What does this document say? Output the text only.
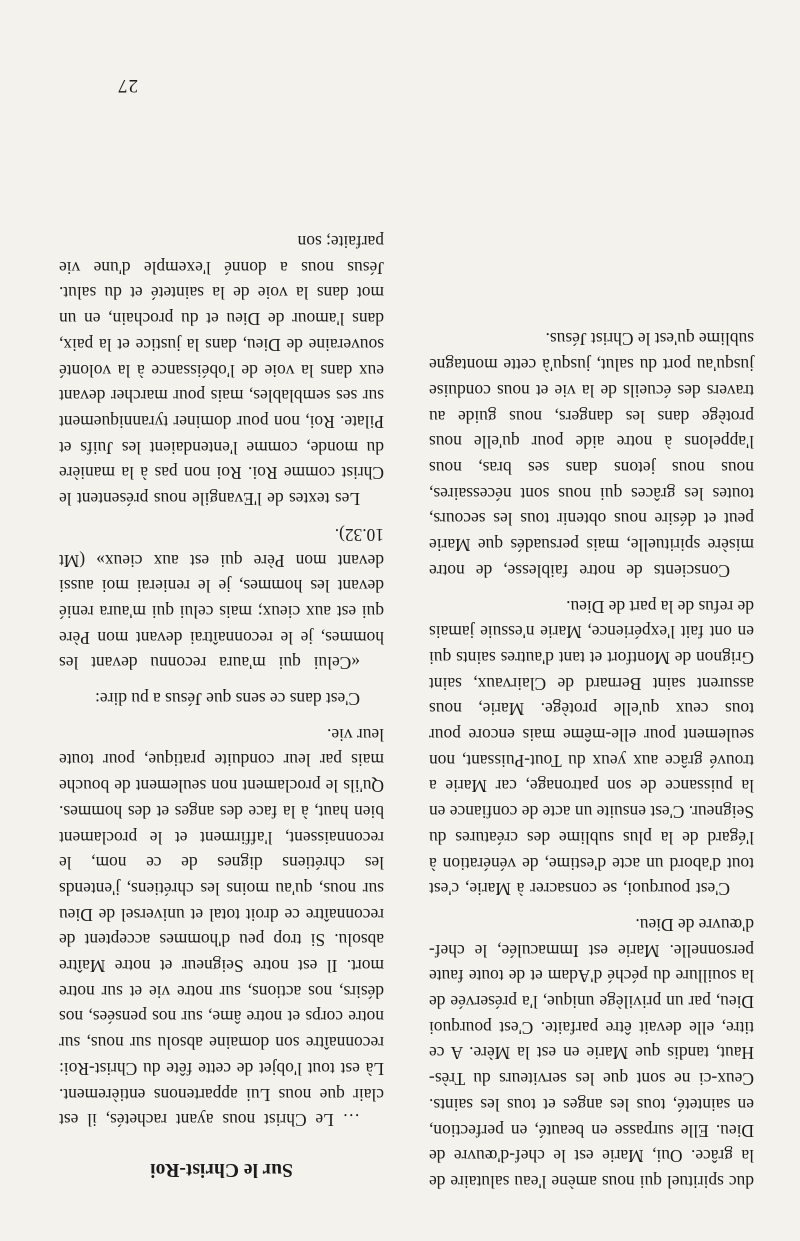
duc spirituel qui nous amène l'eau salutaire de la grâce. Oui, Marie est le chef-d'œuvre de Dieu. Elle surpasse en beauté, en perfection, en sainteté, tous les anges et tous les saints. Ceux-ci ne sont que les serviteurs du Très-Haut, tandis que Marie en est la Mère. A ce titre, elle devait être parfaite. C'est pourquoi Dieu, par un privilège unique, l'a préservée de la souillure du péché d'Adam et de toute faute personnelle. Marie est Immaculée, le chef-d'œuvre de Dieu.

C'est pourquoi, se consacrer à Marie, c'est tout d'abord un acte d'estime, de vénération à l'égard de la plus sublime des créatures du Seigneur. C'est ensuite un acte de confiance en la puissance de son patronage, car Marie a trouvé grâce aux yeux du Tout-Puissant, non seulement pour elle-même mais encore pour tous ceux qu'elle protège. Marie, nous assurent saint Bernard de Clairvaux, saint Grignon de Montfort et tant d'autres saints qui en ont fait l'expérience, Marie n'essuie jamais de refus de la part de Dieu.

Conscients de notre faiblesse, de notre misère spirituelle, mais persuadés que Marie peut et désire nous obtenir tous les secours, toutes les grâces qui nous sont nécessaires, nous nous jetons dans ses bras, nous l'appelons à notre aide pour qu'elle nous protège dans les dangers, nous guide au travers des écueils de la vie et nous conduise jusqu'au port du salut, jusqu'à cette montagne sublime qu'est le Christ Jésus.

Sur le Christ-Roi

… Le Christ nous ayant rachetés, il est clair que nous Lui appartenons entièrement. Là est tout l'objet de cette fête du Christ-Roi: reconnaître son domaine absolu sur nous, sur notre corps et notre âme, sur nos pensées, nos désirs, nos actions, sur notre vie et sur notre mort. Il est notre Seigneur et notre Maître absolu. Si trop peu d'hommes acceptent de reconnaître ce droit total et universel de Dieu sur nous, qu'au moins les chrétiens, j'entends les chrétiens dignes de ce nom, le reconnaissent, l'affirment et le proclament bien haut, à la face des anges et des hommes. Qu'ils le proclament non seulement de bouche mais par leur conduite pratique, pour toute leur vie.

C'est dans ce sens que Jésus a pu dire:

«Celui qui m'aura reconnu devant les hommes, je le reconnaîtrai devant mon Père qui est aux cieux; mais celui qui m'aura renié devant les hommes, je le renierai moi aussi devant mon Père qui est aux cieux» (Mt 10.32).

Les textes de l'Evangile nous présentent le Christ comme Roi. Roi non pas à la manière du monde, comme l'entendaient les Juifs et Pilate. Roi, non pour dominer tyranniquement sur ses semblables, mais pour marcher devant eux dans la voie de l'obéissance à la volonté souveraine de Dieu, dans la justice et la paix, dans l'amour de Dieu et du prochain, en un mot dans la voie de la sainteté et du salut. Jésus nous a donné l'exemple d'une vie parfaite; son

27
